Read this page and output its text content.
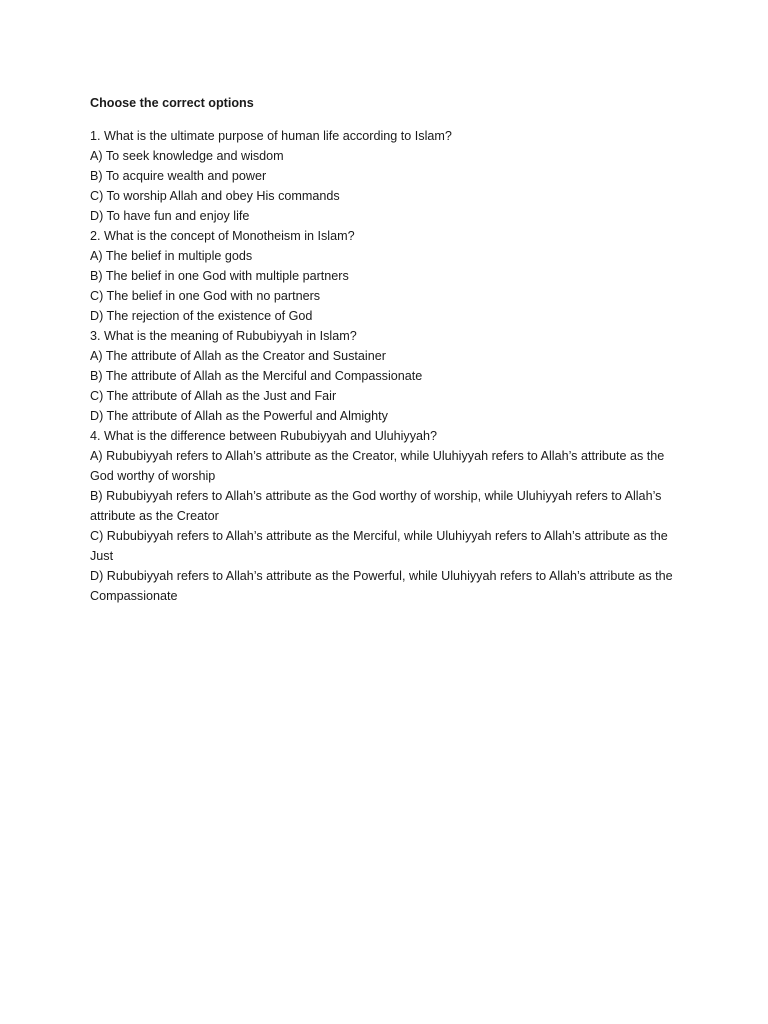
Choose the correct options

1. What is the ultimate purpose of human life according to Islam?

A) To seek knowledge and wisdom

B) To acquire wealth and power

C) To worship Allah and obey His commands

D) To have fun and enjoy life

2. What is the concept of Monotheism in Islam?

A) The belief in multiple gods

B) The belief in one God with multiple partners

C) The belief in one God with no partners

D) The rejection of the existence of God

3. What is the meaning of Rububiyyah in Islam?

A) The attribute of Allah as the Creator and Sustainer

B) The attribute of Allah as the Merciful and Compassionate

C) The attribute of Allah as the Just and Fair

D) The attribute of Allah as the Powerful and Almighty

4. What is the difference between Rububiyyah and Uluhiyyah?

A) Rububiyyah refers to Allah’s attribute as the Creator, while Uluhiyyah refers to Allah’s attribute as the God worthy of worship

B) Rububiyyah refers to Allah’s attribute as the God worthy of worship, while Uluhiyyah refers to Allah’s attribute as the Creator

C) Rububiyyah refers to Allah’s attribute as the Merciful, while Uluhiyyah refers to Allah’s attribute as the Just

D) Rububiyyah refers to Allah’s attribute as the Powerful, while Uluhiyyah refers to Allah’s attribute as the Compassionate
